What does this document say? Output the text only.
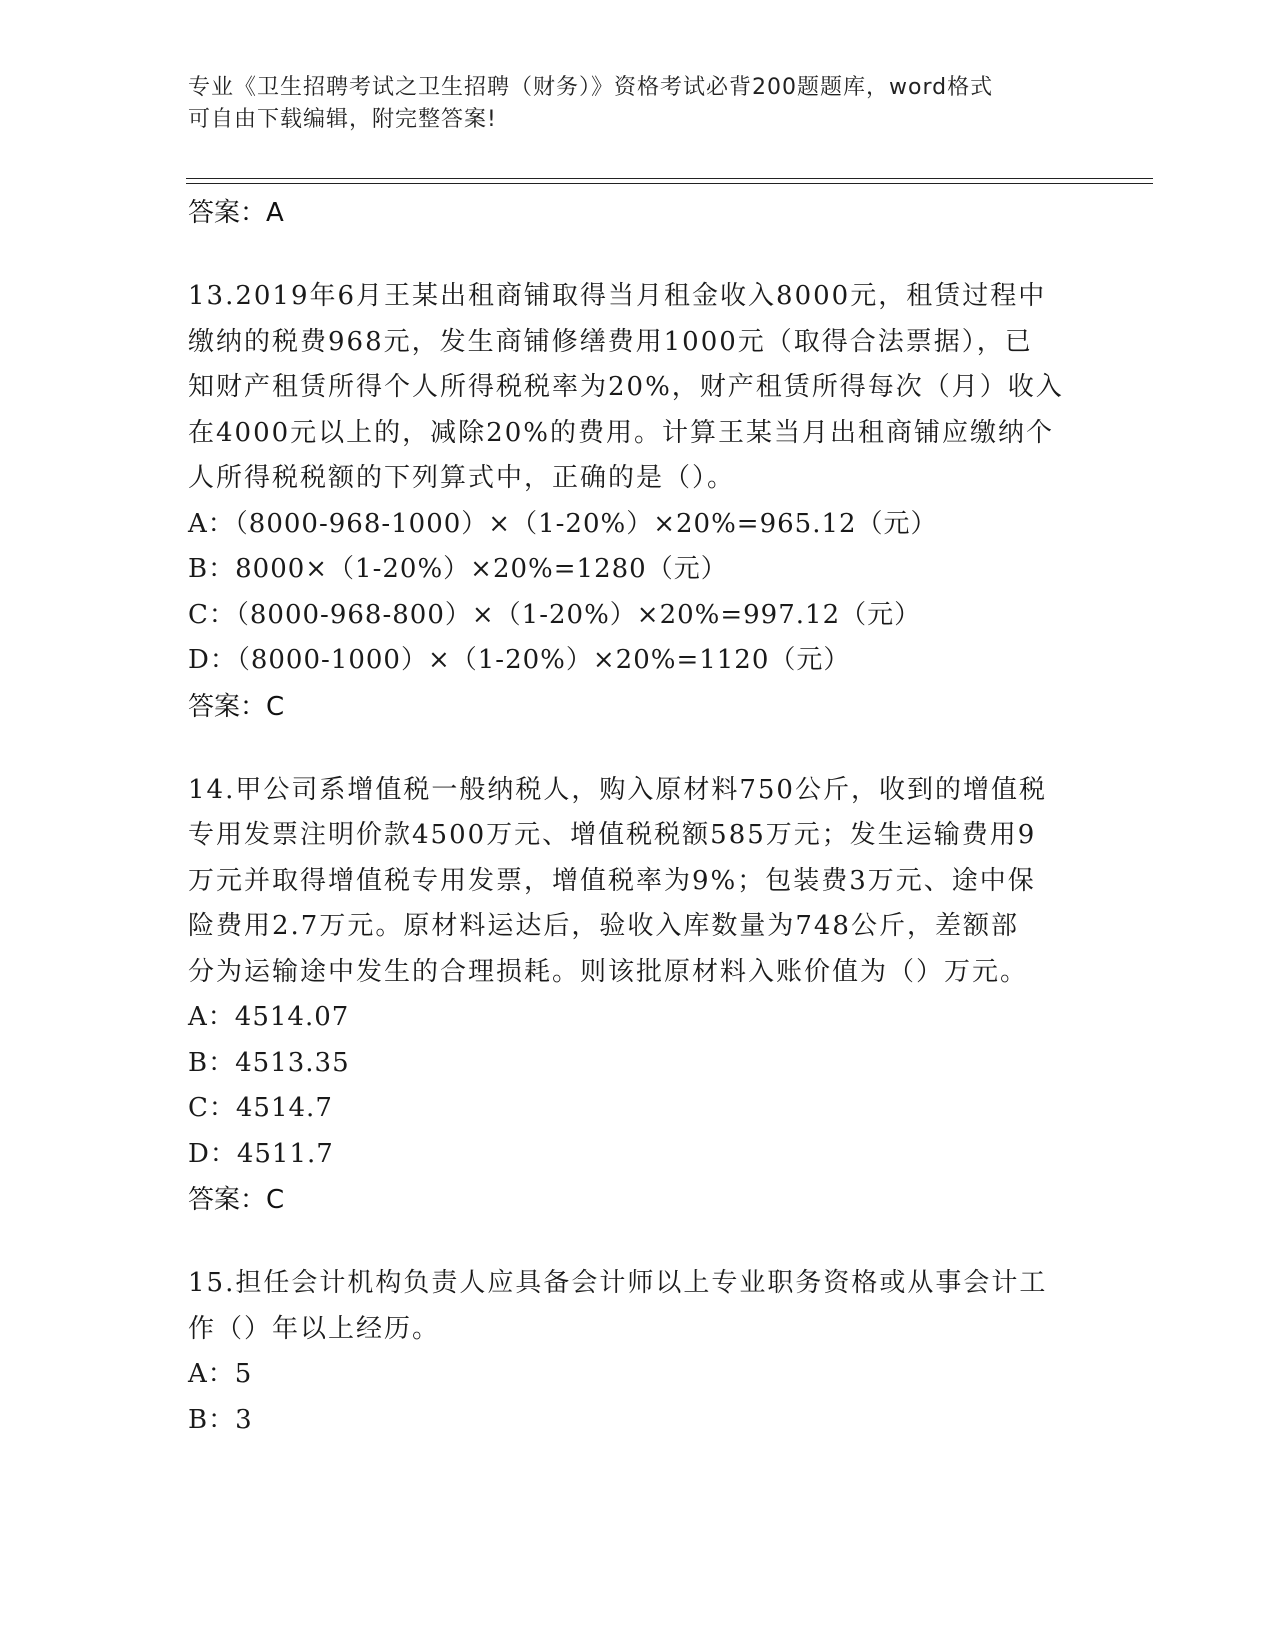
专业《卫生招聘考试之卫生招聘（财务）》资格考试必背200题题库，word格式
可自由下载编辑，附完整答案!
答案：A
13.2019年6月王某出租商铺取得当月租金收入8000元，租赁过程中
缴纳的税费968元，发生商铺修缮费用1000元（取得合法票据），已
知财产租赁所得个人所得税税率为20%，财产租赁所得每次（月）收入
在4000元以上的，减除20%的费用。计算王某当月出租商铺应缴纳个
人所得税税额的下列算式中，正确的是（）。
A：（8000-968-1000）×（1-20%）×20%=965.12（元）
B：8000×（1-20%）×20%=1280（元）
C：（8000-968-800）×（1-20%）×20%=997.12（元）
D：（8000-1000）×（1-20%）×20%=1120（元）
答案：C
14.甲公司系增值税一般纳税人，购入原材料750公斤，收到的增值税
专用发票注明价款4500万元、增值税税额585万元；发生运输费用9
万元并取得增值税专用发票，增值税率为9%；包装费3万元、途中保
险费用2.7万元。原材料运达后，验收入库数量为748公斤，差额部
分为运输途中发生的合理损耗。则该批原材料入账价值为（）万元。
A：4514.07
B：4513.35
C：4514.7
D：4511.7
答案：C
15.担任会计机构负责人应具备会计师以上专业职务资格或从事会计工
作（）年以上经历。
A：5
B：3
